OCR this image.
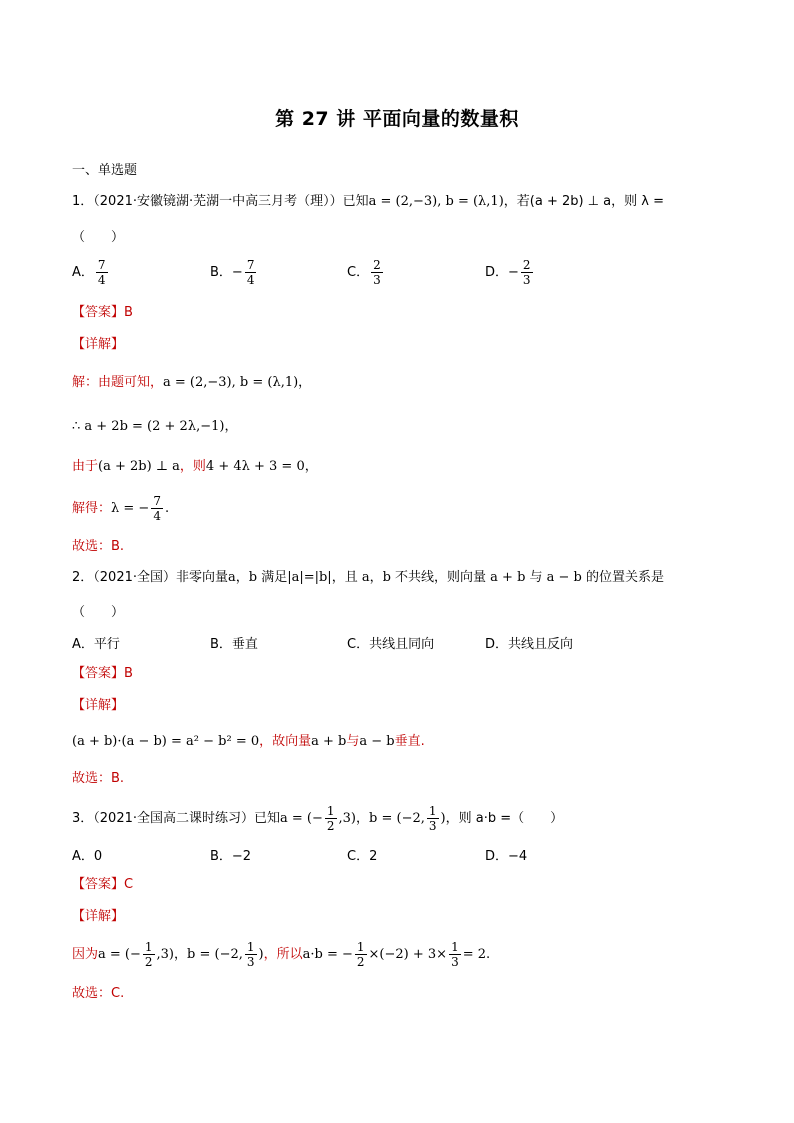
第 27 讲 平面向量的数量积
一、单选题
1．（2021·安徽镜湖·芜湖一中高三月考（理））已知a = (2,−3), b = (λ,1)，若(a + 2b) ⊥ a，则 λ =
（　　）
A． $\frac{7}{4}$	B．− $\frac{7}{4}$	C． $\frac{2}{3}$	D．− $\frac{2}{3}$
【答案】B
【详解】
解：由题可知，a = (2,−3), b = (λ,1)，
∴ a + 2b = (2 + 2λ,−1)，
由于(a + 2b) ⊥ a，则4 + 4λ + 3 = 0，
解得：λ = − $\frac{7}{4}$ .
故选：B.
2．（2021·全国）非零向量a，b 满足|a|=|b|，且 a，b 不共线，则向量 a + b 与 a − b 的位置关系是
（　　）
A．平行	B．垂直	C．共线且同向	D．共线且反向
【答案】B
【详解】
(a + b)·(a − b) = a² − b² = 0，故向量a + b与a − b垂直.
故选：B.
3．（2021·全国高二课时练习）已知a = (− $\frac{1}{2} ,3$)，b = (−2, $\frac{1}{3}$ )，则 a·b =（　　）
A．0	B．−2	C．2	D．−4
【答案】C
【详解】
因为a = (− $\frac{1}{2} ,3$)，b = (−2, $\frac{1}{3}$ )，所以a·b = − $\frac{1}{2} \times(-2) + 3\times \frac{1}{3} = 2$.
故选：C.
